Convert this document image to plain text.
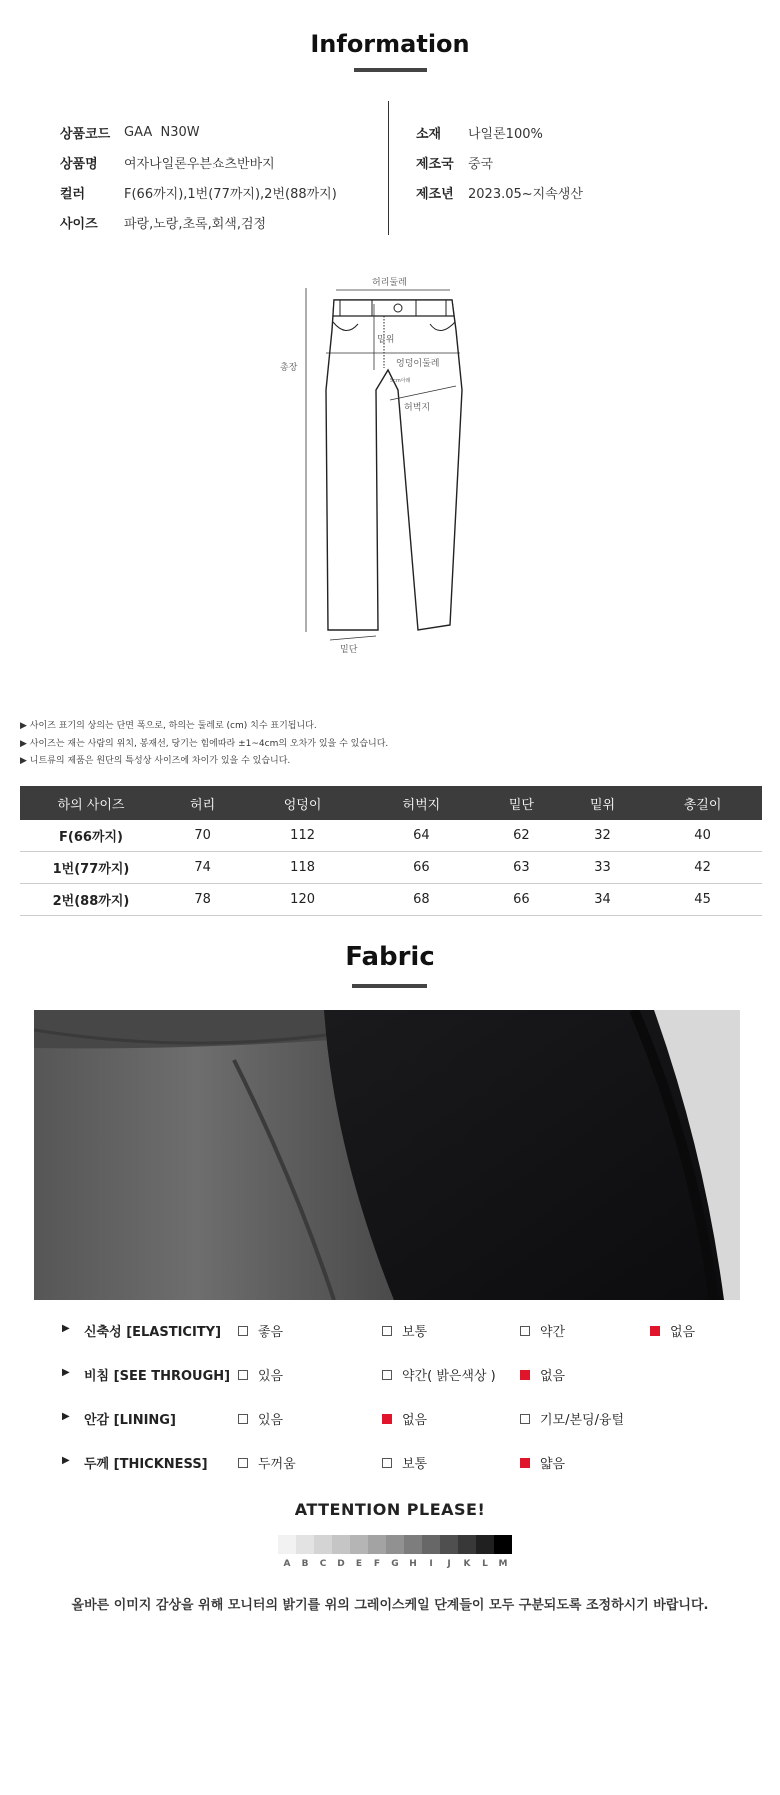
Information
상품코드	GAA  N30W
상품명	여자나일론우븐쇼츠반바지
컬러	F(66까지),1번(77까지),2번(88까지)
사이즈	파랑,노랑,초록,회색,검정
소재	나일론100%
제조국	중국
제조년	2023.05~지속생산
허리둘레
총장
밑위
엉덩이둘레
5cm아래
허벅지
밑단
▶ 사이즈 표기의 상의는 단면 폭으로, 하의는 둘레로 (cm) 치수 표기됩니다.
▶ 사이즈는 재는 사람의 위치, 봉재선, 당기는 힘에따라 ±1~4cm의 오차가 있을 수 있습니다.
▶ 니트류의 제품은 원단의 특성상 사이즈에 차이가 있을 수 있습니다.
하의 사이즈	허리	엉덩이	허벅지	밑단	밑위	총길이
F(66까지)	70	112	64	62	32	40
1번(77까지)	74	118	66	63	33	42
2번(88까지)	78	120	68	66	34	45
Fabric
▶ 신축성 [ELASTICITY]	좋음	보통	약간	없음
▶ 비침 [SEE THROUGH] 있음	약간( 밝은색상 )	없음
▶ 안감 [LINING]	있음	없음	기모/본딩/융털
▶ 두께 [THICKNESS]	두꺼움	보통	얇음
ATTENTION PLEASE!
A	B	C	D	E	F	G	H	I	J	K	L	M
올바른 이미지 감상을 위해 모니터의 밝기를 위의 그레이스케일 단계들이 모두 구분되도록 조정하시기 바랍니다.
